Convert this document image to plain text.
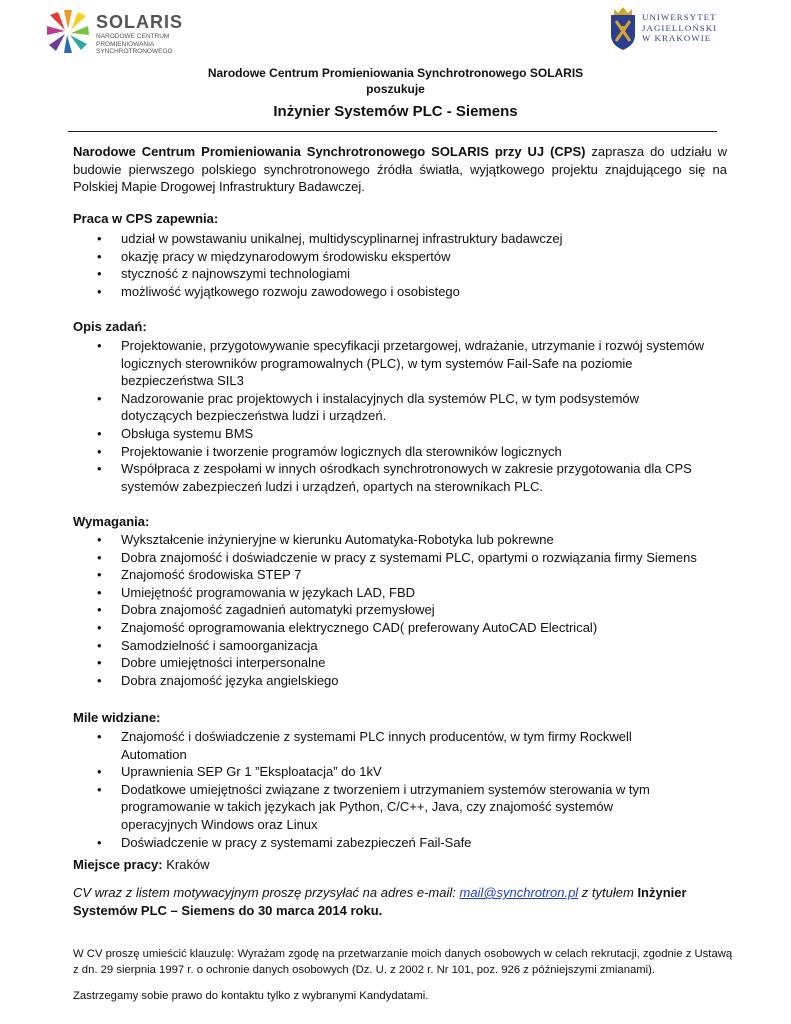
SOLARIS
NARODOWE CENTRUM PROMIENIOWANIA SYNCHROTRONOWEGO
UNIWERSYTET
JAGIELLOŃSKI
W KRAKOWIE
Narodowe Centrum Promieniowania Synchrotronowego SOLARIS
poszukuje
Inżynier Systemów PLC - Siemens
Narodowe Centrum Promieniowania Synchrotronowego SOLARIS przy UJ (CPS) zaprasza do udziału w budowie pierwszego polskiego synchrotronowego źródła światła, wyjątkowego projektu znajdującego się na Polskiej Mapie Drogowej Infrastruktury Badawczej.
Praca w CPS zapewnia:
• udział w powstawaniu unikalnej, multidyscyplinarnej infrastruktury badawczej
• okazję pracy w międzynarodowym środowisku ekspertów
• styczność z najnowszymi technologiami
• możliwość wyjątkowego rozwoju zawodowego i osobistego
Opis zadań:
• Projektowanie, przygotowywanie specyfikacji przetargowej, wdrażanie, utrzymanie i rozwój systemów logicznych sterowników programowalnych (PLC), w tym systemów Fail-Safe na poziomie bezpieczeństwa SIL3
• Nadzorowanie prac projektowych i instalacyjnych dla systemów PLC, w tym podsystemów dotyczących bezpieczeństwa ludzi i urządzeń.
• Obsługa systemu BMS
• Projektowanie i tworzenie programów logicznych dla sterowników logicznych
• Współpraca z zespołami w innych ośrodkach synchrotronowych w zakresie przygotowania dla CPS systemów zabezpieczeń ludzi i urządzeń, opartych na sterownikach PLC.
Wymagania:
• Wykształcenie inżynieryjne w kierunku Automatyka-Robotyka lub pokrewne
• Dobra znajomość i doświadczenie w pracy z systemami PLC, opartymi o rozwiązania firmy Siemens
• Znajomość środowiska STEP 7
• Umiejętność programowania w językach LAD, FBD
• Dobra znajomość zagadnień automatyki przemysłowej
• Znajomość oprogramowania elektrycznego CAD( preferowany AutoCAD Electrical)
• Samodzielność i samoorganizacja
• Dobre umiejętności interpersonalne
• Dobra znajomość języka angielskiego
Mile widziane:
• Znajomość i doświadczenie z systemami PLC innych producentów, w tym firmy Rockwell Automation
• Uprawnienia SEP Gr 1 ”Eksploatacja” do 1kV
• Dodatkowe umiejętności związane z tworzeniem i utrzymaniem systemów sterowania w tym programowanie w takich językach jak Python, C/C++, Java, czy znajomość systemów operacyjnych Windows oraz Linux
• Doświadczenie w pracy z systemami zabezpieczeń Fail-Safe
Miejsce pracy: Kraków
CV wraz z listem motywacyjnym proszę przysyłać na adres e-mail: mail@synchrotron.pl z tytułem Inżynier Systemów PLC – Siemens do 30 marca 2014 roku.
W CV proszę umieścić klauzulę: Wyrażam zgodę na przetwarzanie moich danych osobowych w celach rekrutacji, zgodnie z Ustawą z dn. 29 sierpnia 1997 r. o ochronie danych osobowych (Dz. U. z 2002 r. Nr 101, poz. 926 z późniejszymi zmianami).
Zastrzegamy sobie prawo do kontaktu tylko z wybranymi Kandydatami.
